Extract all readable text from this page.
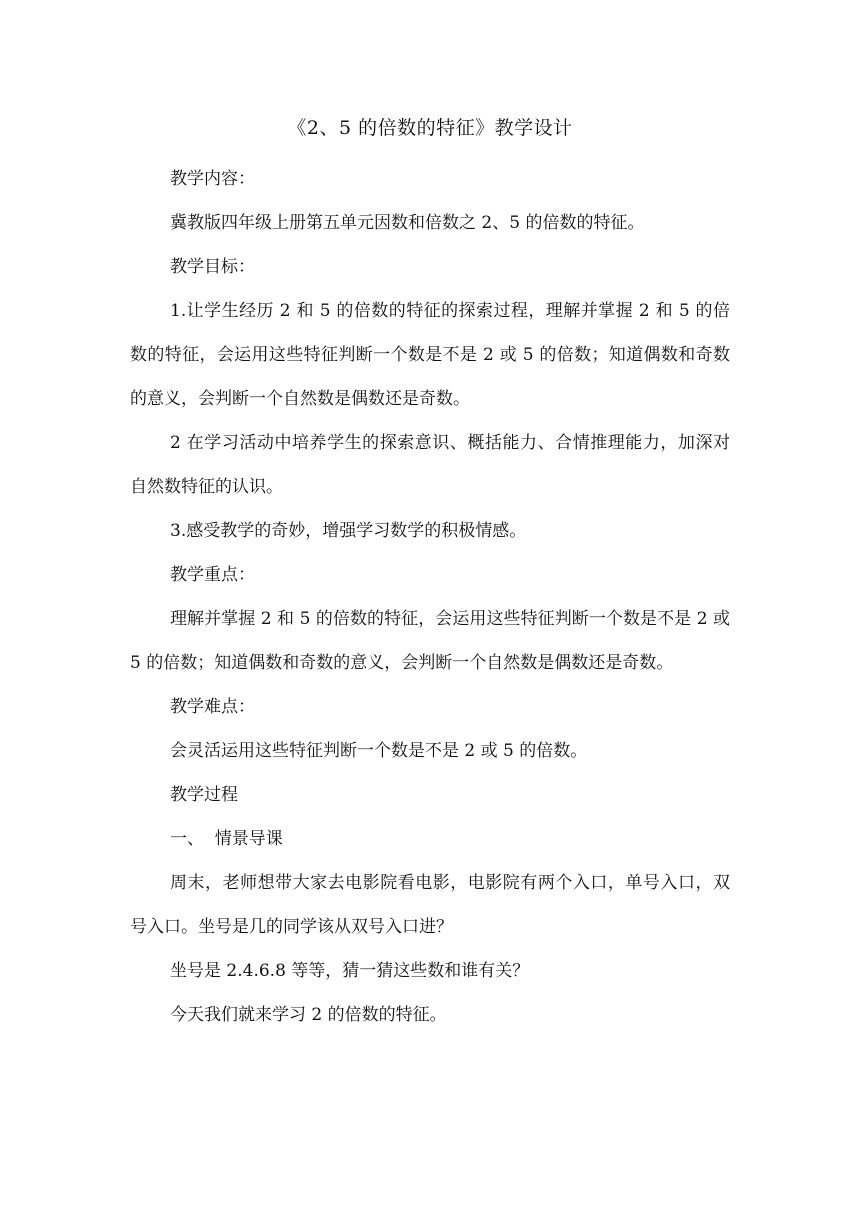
《2、5 的倍数的特征》教学设计

教学内容：

冀教版四年级上册第五单元因数和倍数之 2、5 的倍数的特征。

教学目标：

1.让学生经历 2 和 5 的倍数的特征的探索过程，理解并掌握 2 和 5 的倍数的特征，会运用这些特征判断一个数是不是 2 或 5 的倍数；知道偶数和奇数的意义，会判断一个自然数是偶数还是奇数。

2 在学习活动中培养学生的探索意识、概括能力、合情推理能力，加深对自然数特征的认识。

3.感受教学的奇妙，增强学习数学的积极情感。

教学重点：

理解并掌握 2 和 5 的倍数的特征，会运用这些特征判断一个数是不是 2 或 5 的倍数；知道偶数和奇数的意义，会判断一个自然数是偶数还是奇数。

教学难点：

会灵活运用这些特征判断一个数是不是 2 或 5 的倍数。

教学过程

一、  情景导课

周末，老师想带大家去电影院看电影，电影院有两个入口，单号入口，双号入口。坐号是几的同学该从双号入口进？

坐号是 2.4.6.8 等等，猜一猜这些数和谁有关？

今天我们就来学习 2 的倍数的特征。
